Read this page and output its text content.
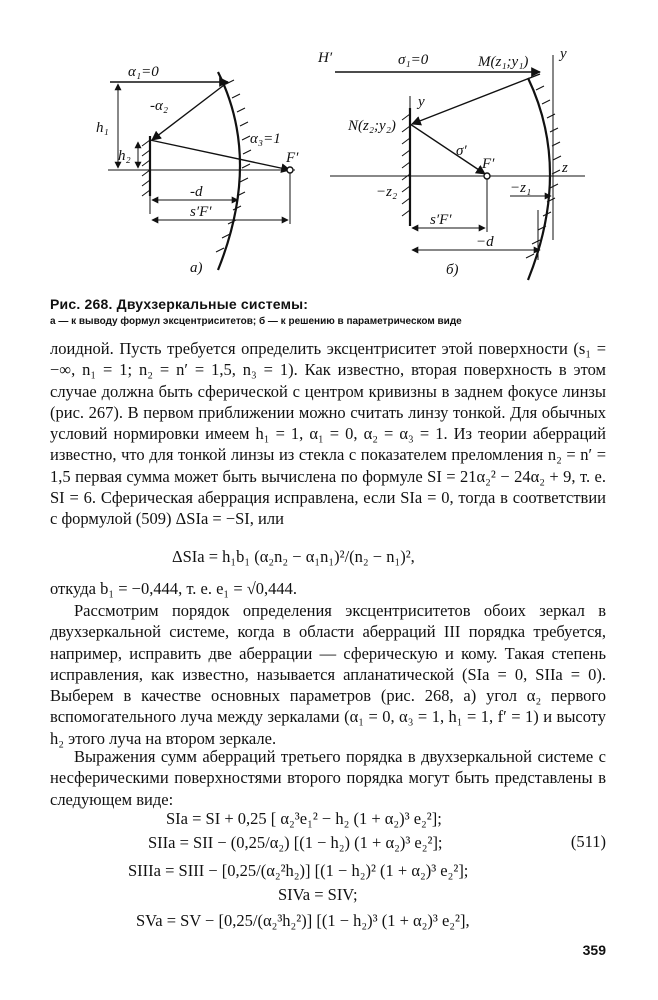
α₁=0
-α₂
α₃=1
h₁
h₂	F′
-d
s′F′
а)
H′	σ₁=0	M(z₁;y₁) y
y
N(z₂;y₂)
σ′
F′	z
−z₂	−z₁
s′F′
−d
б)
Рис. 268. Двухзеркальные системы:
а — к выводу формул эксцентриситетов; б — к решению в параметрическом виде
лоидной. Пусть требуется определить эксцентриситет этой поверхности (s₁ = −∞, n₁ = 1; n₂ = n′ = 1,5, n₃ = 1). Как известно, вторая поверхность в этом случае должна быть сферической с центром кривизны в заднем фокусе линзы (рис. 267). В первом приближении можно считать линзу тонкой. Для обычных условий нормировки имеем h₁ = 1, α₁ = 0, α₂ = α₃ = 1. Из теории аберраций известно, что для тонкой линзы из стекла с показателем преломления n₂ = n′ = 1,5 первая сумма может быть вычислена по формуле SI = 21α₂² − 24α₂ + 9, т. е. SI = 6. Сферическая аберрация исправлена, если SIa = 0, тогда в соответствии с формулой (509) ΔSIa = −SI, или
ΔSIa = h₁b₁ (α₂n₂ − α₁n₁)²/(n₂ − n₁)²,
откуда b₁ = −0,444, т. е. e₁ = √0,444.
Рассмотрим порядок определения эксцентриситетов обоих зеркал в двухзеркальной системе, когда в области аберраций III порядка требуется, например, исправить две аберрации — сферическую и кому. Такая степень исправления, как известно, называется апланатической (SIa = 0, SIIa = 0). Выберем в качестве основных параметров (рис. 268, а) угол α₂ первого вспомогательного луча между зеркалами (α₁ = 0, α₃ = 1, h₁ = 1, f′ = 1) и высоту h₂ этого луча на втором зеркале.
Выражения сумм аберраций третьего порядка в двухзеркальной системе с несферическими поверхностями второго порядка могут быть представлены в следующем виде:
SIa = SI + 0,25 [ α₂³e₁² − h₂ (1 + α₂)³ e₂²];
SIIa = SII − (0,25/α₂) [(1 − h₂) (1 + α₂)³ e₂²];	(511)
SIIIa = SIII − [0,25/(α₂²h₂)] [(1 − h₂)² (1 + α₂)³ e₂²];
SIVa = SIV;
SVa = SV − [0,25/(α₂³h₂²)] [(1 − h₂)³ (1 + α₂)³ e₂²],
359
